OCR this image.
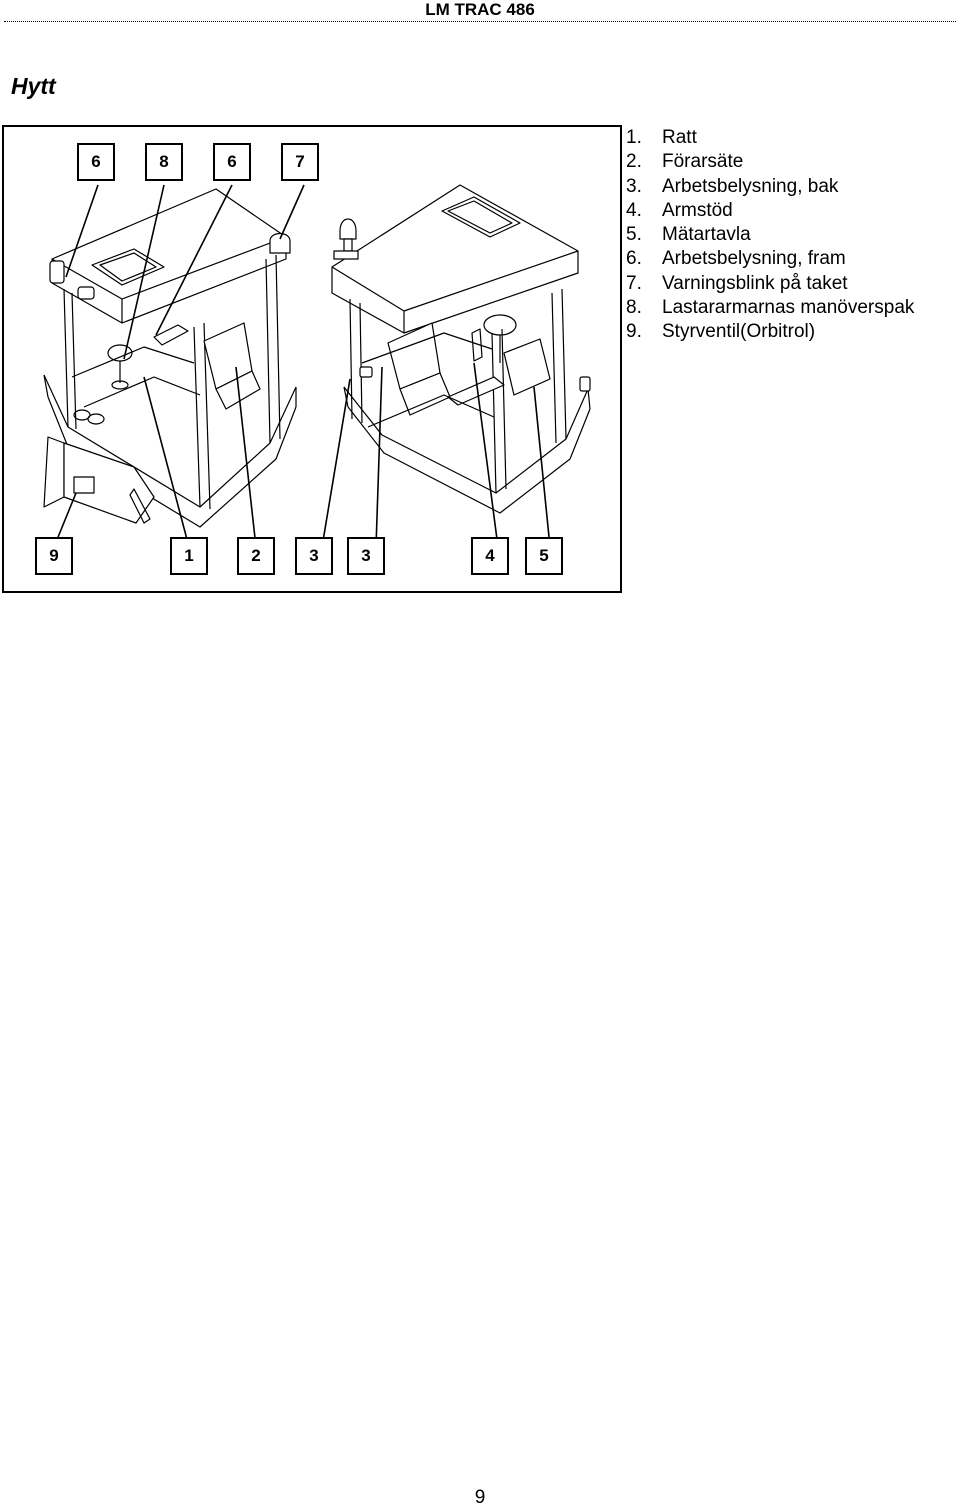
LM TRAC 486
Hytt
6	8	6	7
9	1	2	3	3	4	5
1. Ratt
2. Förarsäte
3. Arbetsbelysning, bak
4. Armstöd
5. Mätartavla
6. Arbetsbelysning, fram
7. Varningsblink på taket
8. Lastararmarnas manöverspak
9. Styrventil(Orbitrol)
9
